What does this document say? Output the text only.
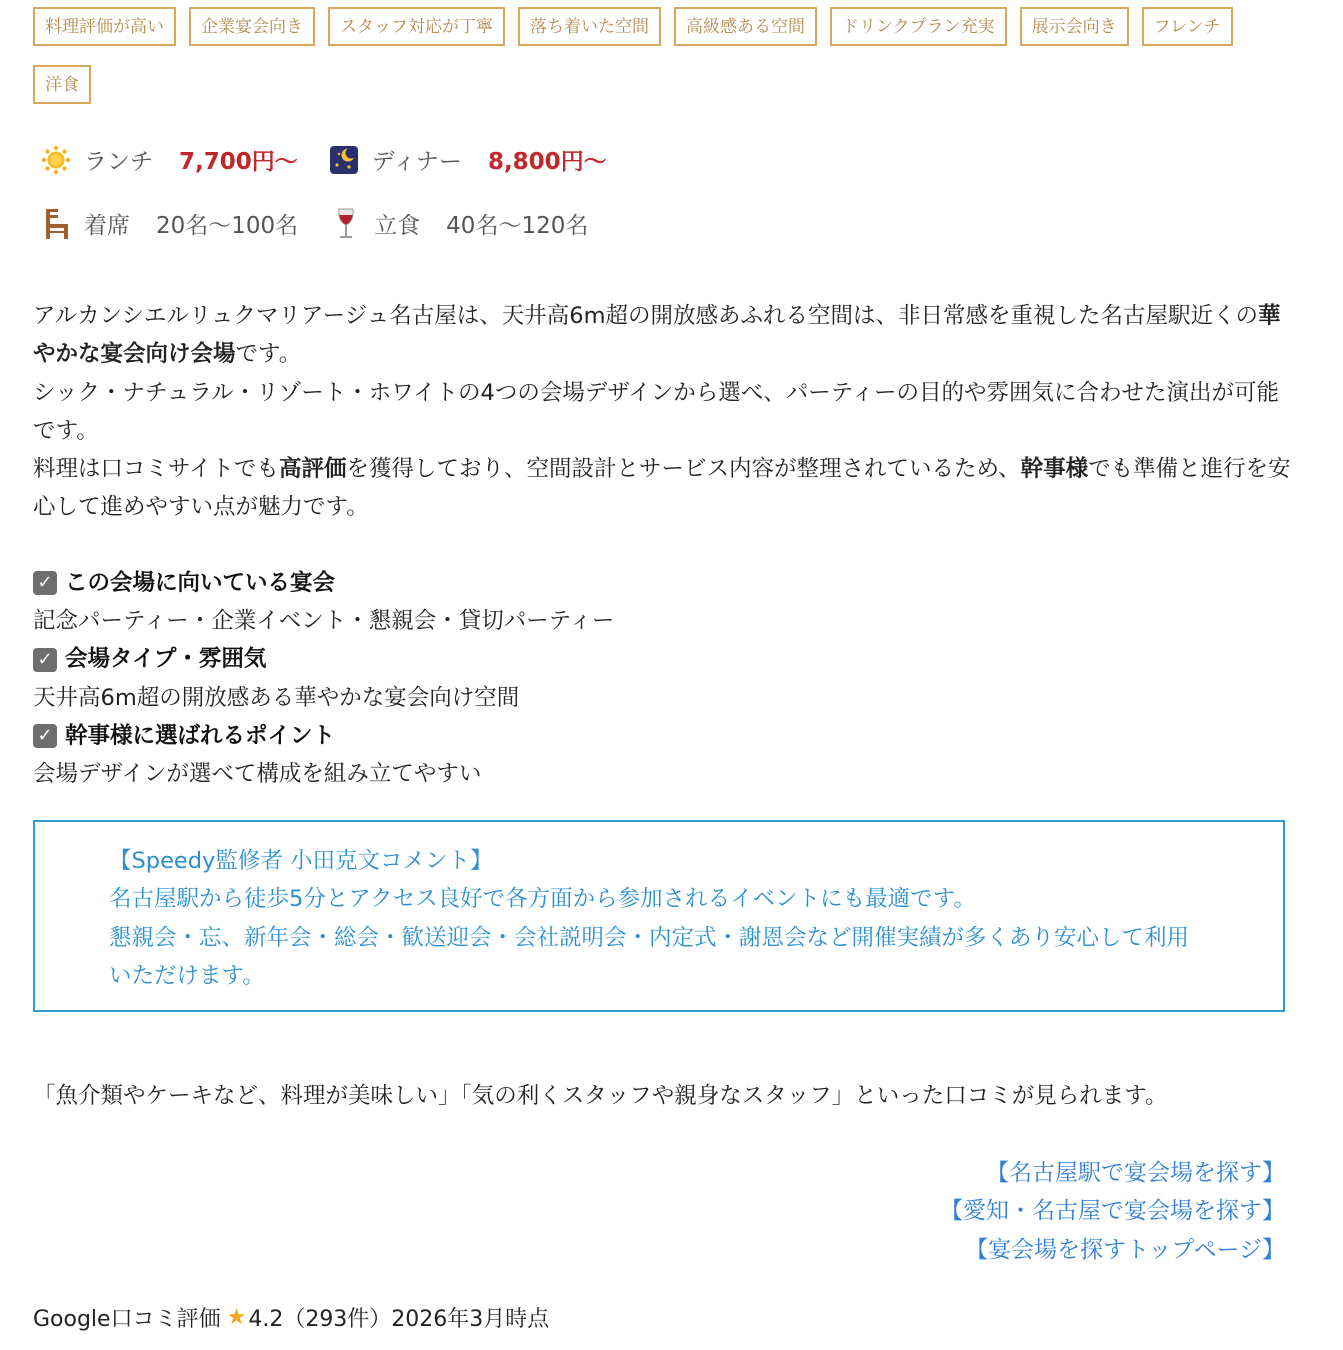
料理評価が高い	企業宴会向き	スタッフ対応が丁寧	落ち着いた空間	高級感ある空間	ドリンクプラン充実	展示会向き	フレンチ
洋食
ランチ 7,700円〜	ディナー 8,800円〜
着席 20名〜100名	立食 40名〜120名
アルカンシエルリュクマリアージュ名古屋は、天井高6m超の開放感あふれる空間は、非日常感を重視した名古屋駅近くの華やかな宴会向け会場です。
シック・ナチュラル・リゾート・ホワイトの4つの会場デザインから選べ、パーティーの目的や雰囲気に合わせた演出が可能です。
料理は口コミサイトでも高評価を獲得しており、空間設計とサービス内容が整理されているため、幹事様でも準備と進行を安心して進めやすい点が魅力です。
✓ この会場に向いている宴会
記念パーティー・企業イベント・懇親会・貸切パーティー
✓ 会場タイプ・雰囲気
天井高6m超の開放感ある華やかな宴会向け空間
✓ 幹事様に選ばれるポイント
会場デザインが選べて構成を組み立てやすい
【Speedy監修者 小田克文コメント】
名古屋駅から徒歩5分とアクセス良好で各方面から参加されるイベントにも最適です。
懇親会・忘、新年会・総会・歓送迎会・会社説明会・内定式・謝恩会など開催実績が多くあり安心して利用いただけます。
「魚介類やケーキなど、料理が美味しい」「気の利くスタッフや親身なスタッフ」といった口コミが見られます。
【名古屋駅で宴会場を探す】
【愛知・名古屋で宴会場を探す】
【宴会場を探すトップページ】
Google口コミ評価 ★ 4.2（293件）2026年3月時点
